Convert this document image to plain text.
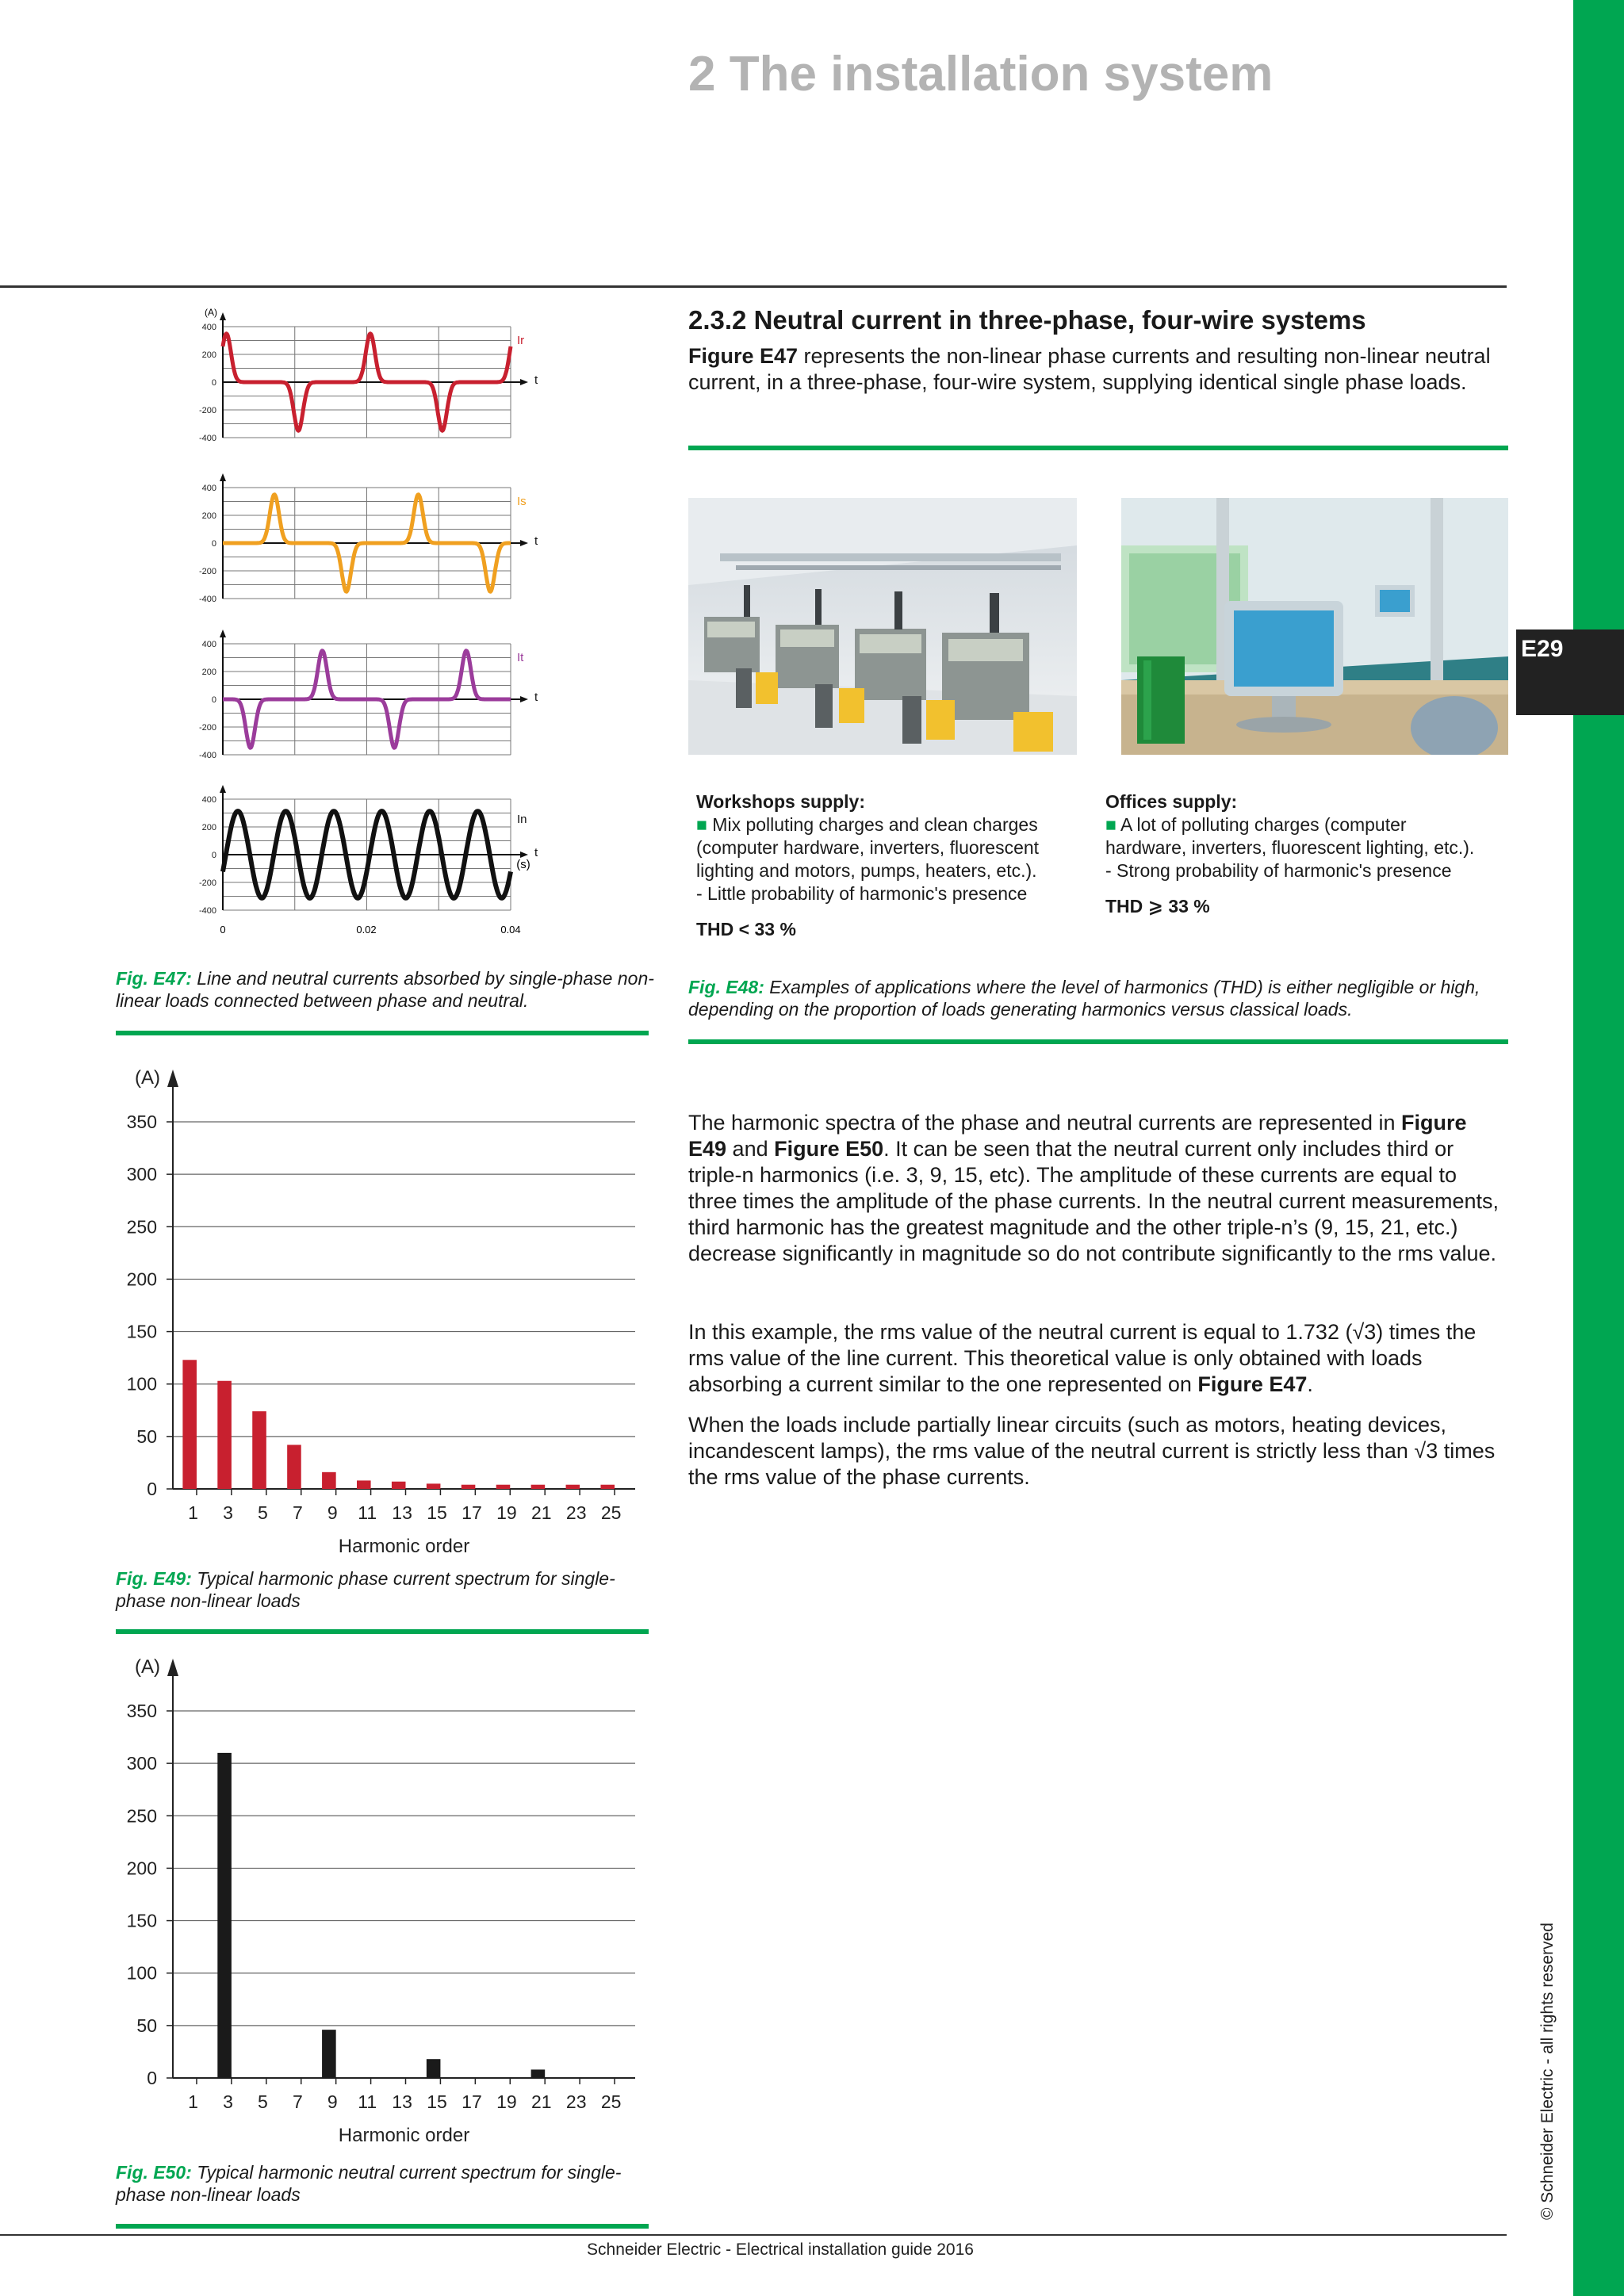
E29
© Schneider Electric - all rights reserved
2 The installation system
2.3.2 Neutral current in three-phase, four-wire systems
Figure E47 represents the non-linear phase currents and resulting non-linear neutral current, in a three-phase, four-wire system, supplying identical single phase loads.
(A)
400
200
0
-200
-400
t
Ir
400
200
0
-200
-400
t
Is
400
200
0
-200
-400
t
It
400
200
0
-200
-400
t
In
(s)
0	0.02	0.04
Fig. E47: Line and neutral currents absorbed by single-phase non-linear loads connected between phase and neutral.
Workshops supply:
■ Mix polluting charges and clean charges
(computer hardware, inverters, fluorescent
lighting and motors, pumps, heaters, etc.).
- Little probability of harmonic's presence
THD < 33 %
Offices supply:
■ A lot of polluting charges (computer
hardware, inverters, fluorescent lighting, etc.).
- Strong probability of harmonic's presence
THD ⩾ 33 %
Fig. E48: Examples of applications where the level of harmonics (THD) is either negligible or high, depending on the proportion of loads generating harmonics versus classical loads.
The harmonic spectra of the phase and neutral currents are represented in Figure E49 and Figure E50. It can be seen that the neutral current only includes third or triple-n harmonics (i.e. 3, 9, 15, etc). The amplitude of these currents are equal to three times the amplitude of the phase currents. In the neutral current measurements, third harmonic has the greatest magnitude and the other triple-n’s (9, 15, 21, etc.) decrease significantly in magnitude so do not contribute significantly to the rms value.
In this example, the rms value of the neutral current is equal to 1.732 (√3) times the rms value of the line current. This theoretical value is only obtained with loads absorbing a current similar to the one represented on Figure E47.
When the loads include partially linear circuits (such as motors, heating devices, incandescent lamps), the rms value of the neutral current is strictly less than √3 times the rms value of the phase currents.
0
50
100
150
200
250
300
350
(A)
1 3 5 7 9 11 13 15 17 19 21 23 25
Harmonic order
Fig. E49: Typical harmonic phase current spectrum for single-phase non-linear loads
0
50
100
150
200
250
300
350
(A)
1 3 5 7 9 11 13 15 17 19 21 23 25
Harmonic order
Fig. E50: Typical harmonic neutral current spectrum for single-phase non-linear loads
Schneider Electric - Electrical installation guide 2016
